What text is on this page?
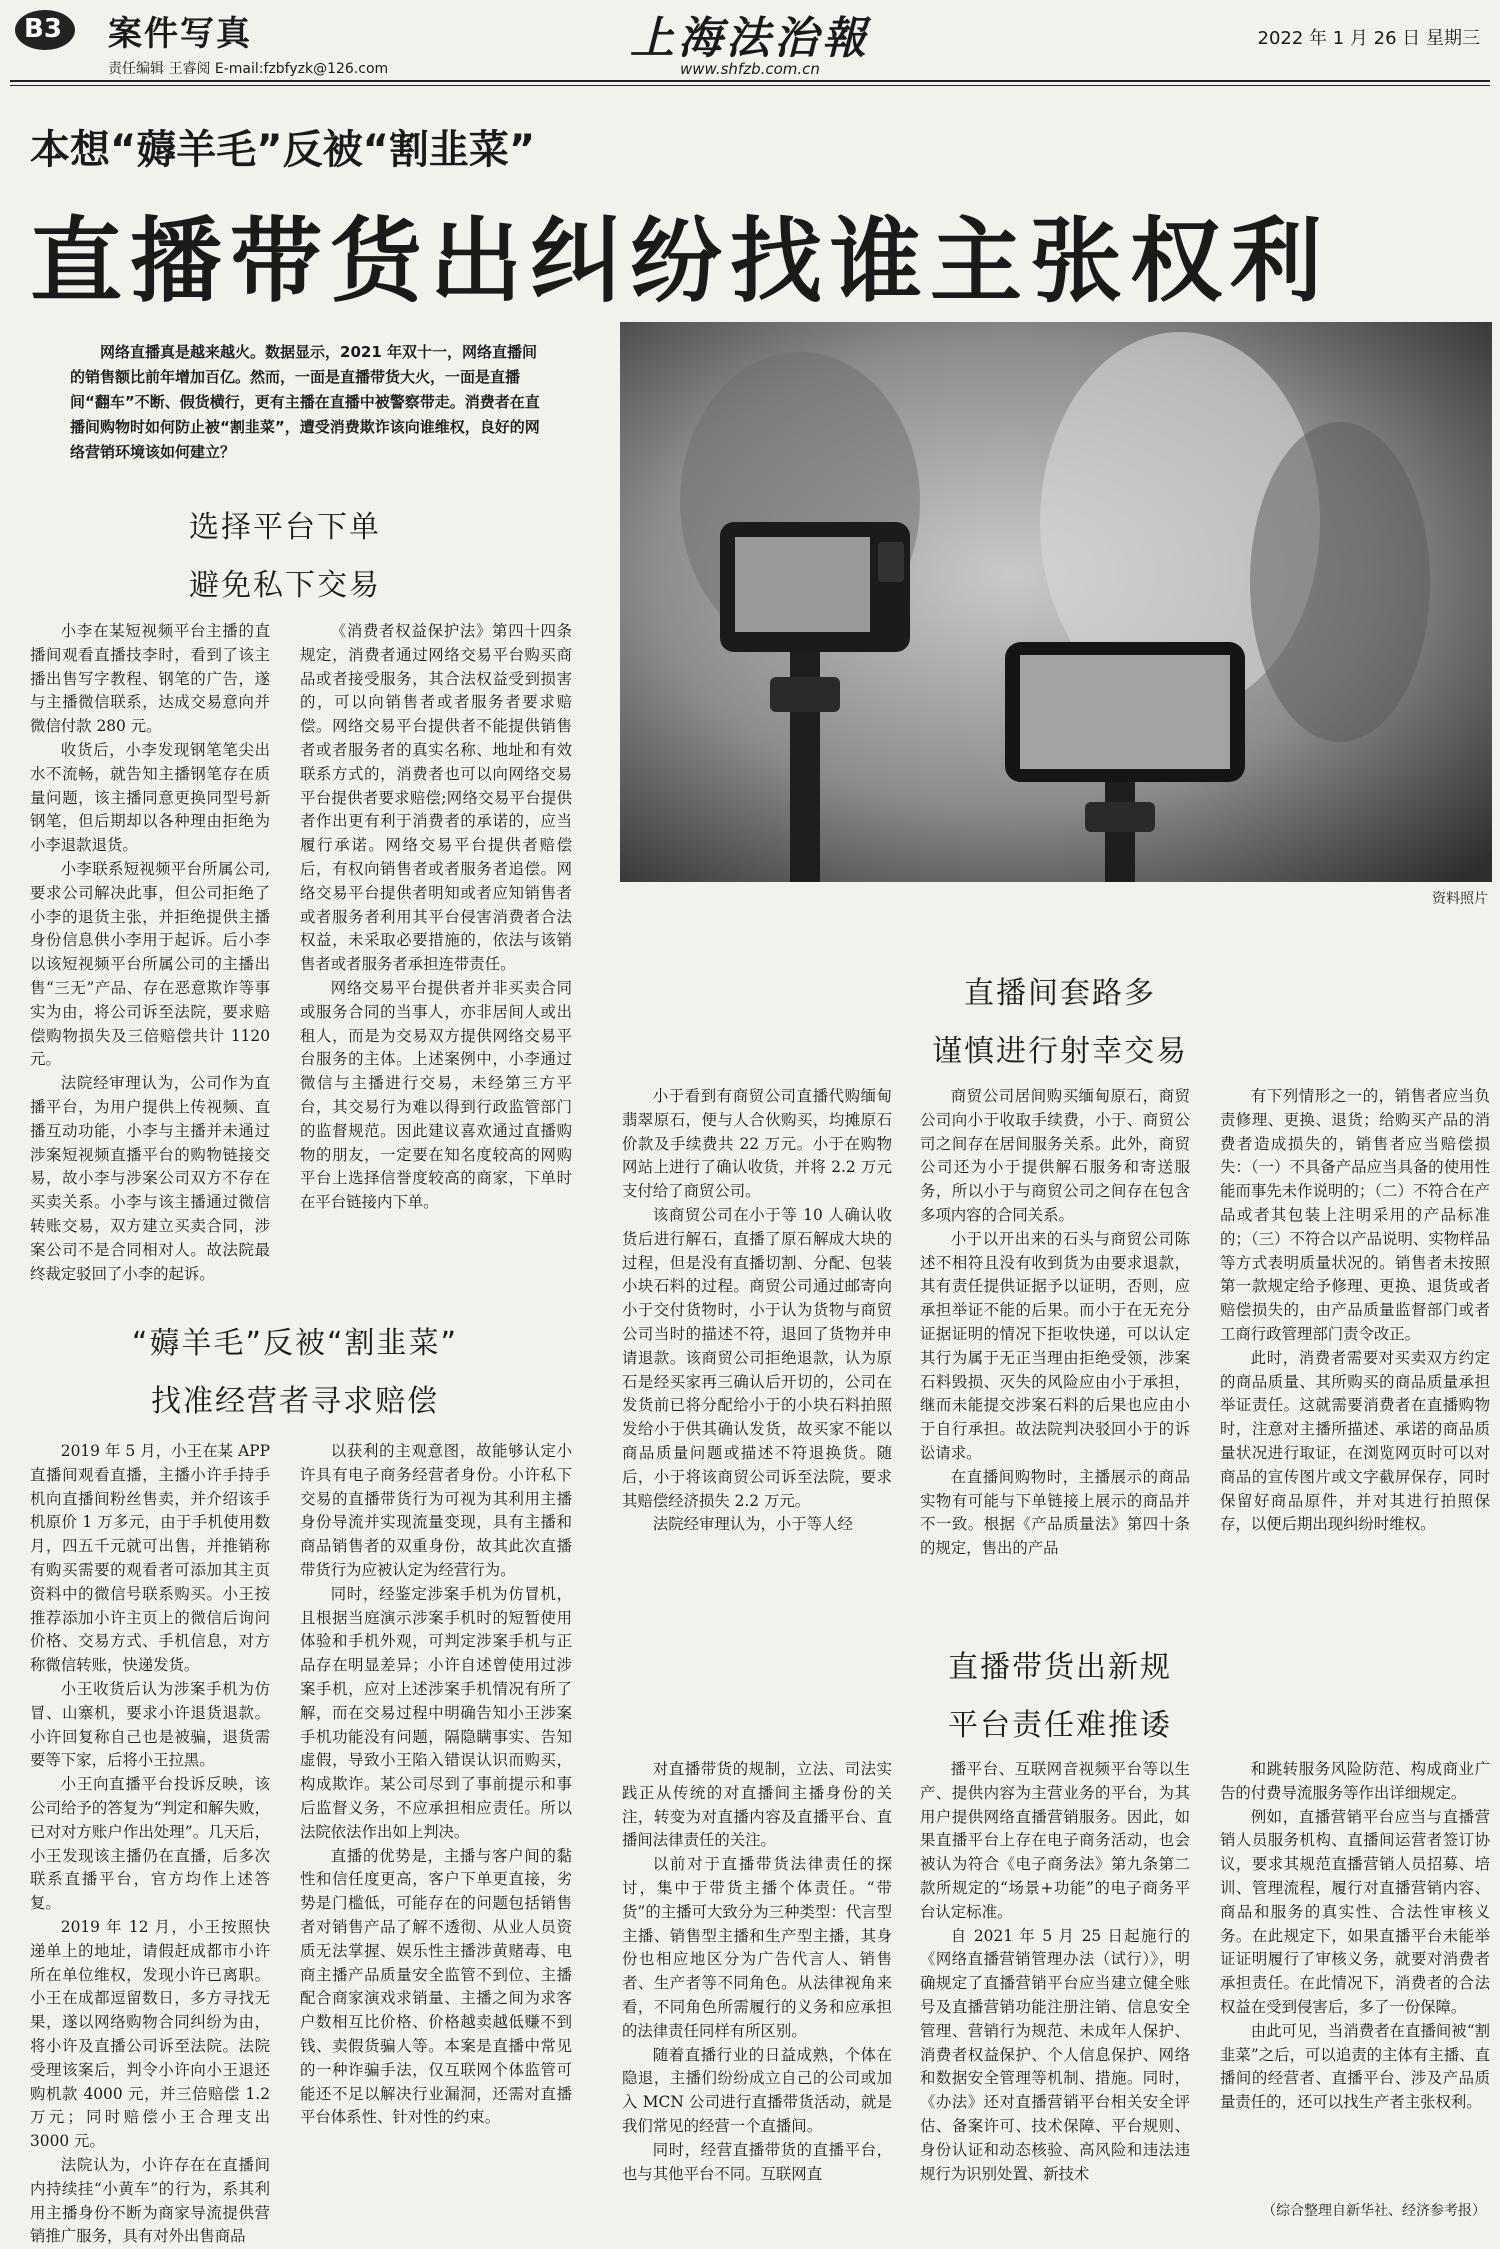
B3 案件写真
责任编辑 王睿阅 E-mail:fzbfyzk@126.com
上海法治報
www.shfzb.com.cn
2022 年 1 月 26 日 星期三
本想“薅羊毛”反被“割韭菜”
直播带货出纠纷找谁主张权利
网络直播真是越来越火。数据显示，2021 年双十一，网络直播间的销售额比前年增加百亿。然而，一面是直播带货大火，一面是直播间“翻车”不断、假货横行，更有主播在直播中被警察带走。消费者在直播间购物时如何防止被“割韭菜”，遭受消费欺诈该向谁维权，良好的网络营销环境该如何建立？
资料照片
选择平台下单
避免私下交易

小李在某短视频平台主播的直播间观看直播技李时，看到了该主播出售写字教程、钢笔的广告，遂与主播微信联系，达成交易意向并微信付款 280 元。

收货后，小李发现钢笔笔尖出水不流畅，就告知主播钢笔存在质量问题，该主播同意更换同型号新钢笔，但后期却以各种理由拒绝为小李退款退货。

小李联系短视频平台所属公司,要求公司解决此事，但公司拒绝了小李的退货主张，并拒绝提供主播身份信息供小李用于起诉。后小李以该短视频平台所属公司的主播出售“三无”产品、存在恶意欺诈等事实为由，将公司诉至法院，要求赔偿购物损失及三倍赔偿共计 1120 元。

法院经审理认为，公司作为直播平台，为用户提供上传视频、直播互动功能，小李与主播并未通过涉案短视频直播平台的购物链接交易，故小李与涉案公司双方不存在买卖关系。小李与该主播通过微信转账交易，双方建立买卖合同，涉案公司不是合同相对人。故法院最终裁定驳回了小李的起诉。

《消费者权益保护法》第四十四条规定，消费者通过网络交易平台购买商品或者接受服务，其合法权益受到损害的，可以向销售者或者服务者要求赔偿。网络交易平台提供者不能提供销售者或者服务者的真实名称、地址和有效联系方式的，消费者也可以向网络交易平台提供者要求赔偿;网络交易平台提供者作出更有利于消费者的承诺的，应当履行承诺。网络交易平台提供者赔偿后，有权向销售者或者服务者追偿。网络交易平台提供者明知或者应知销售者或者服务者利用其平台侵害消费者合法权益，未采取必要措施的，依法与该销售者或者服务者承担连带责任。

网络交易平台提供者并非买卖合同或服务合同的当事人，亦非居间人或出租人，而是为交易双方提供网络交易平台服务的主体。上述案例中，小李通过微信与主播进行交易，未经第三方平台，其交易行为难以得到行政监管部门的监督规范。因此建议喜欢通过直播购物的朋友，一定要在知名度较高的网购平台上选择信誉度较高的商家，下单时在平台链接内下单。

“薅羊毛”反被“割韭菜”
找准经营者寻求赔偿

2019 年 5 月，小王在某 APP 直播间观看直播，主播小许手持手机向直播间粉丝售卖，并介绍该手机原价 1 万多元，由于手机使用数月，四五千元就可出售，并推销称有购买需要的观看者可添加其主页资料中的微信号联系购买。小王按推荐添加小许主页上的微信后询问价格、交易方式、手机信息，对方称微信转账，快递发货。

小王收货后认为涉案手机为仿冒、山寨机，要求小许退货退款。小许回复称自己也是被骗，退货需要等下家，后将小王拉黑。

小王向直播平台投诉反映，该公司给予的答复为“判定和解失败，已对对方账户作出处理”。几天后，小王发现该主播仍在直播，后多次联系直播平台，官方均作上述答复。

2019 年 12 月，小王按照快递单上的地址，请假赶成都市小许所在单位维权，发现小许已离职。小王在成都逗留数日，多方寻找无果，遂以网络购物合同纠纷为由，将小许及直播公司诉至法院。法院受理该案后，判令小许向小王退还购机款 4000 元，并三倍赔偿 1.2 万元；同时赔偿小王合理支出 3000 元。

法院认为，小许存在在直播间内持续挂“小黄车”的行为，系其利用主播身份不断为商家导流提供营销推广服务，具有对外出售商品

以获利的主观意图，故能够认定小许具有电子商务经营者身份。小许私下交易的直播带货行为可视为其利用主播身份导流并实现流量变现，具有主播和商品销售者的双重身份，故其此次直播带货行为应被认定为经营行为。

同时，经鉴定涉案手机为仿冒机，且根据当庭演示涉案手机时的短暂使用体验和手机外观，可判定涉案手机与正品存在明显差异；小许自述曾使用过涉案手机，应对上述涉案手机情况有所了解，而在交易过程中明确告知小王涉案手机功能没有问题，隔隐瞒事实、告知虚假，导致小王陷入错误认识而购买，构成欺诈。某公司尽到了事前提示和事后监督义务，不应承担相应责任。所以法院依法作出如上判决。

直播的优势是，主播与客户间的黏性和信任度更高，客户下单更直接，劣势是门槛低，可能存在的问题包括销售者对销售产品了解不透彻、从业人员资质无法掌握、娱乐性主播涉黄赌毒、电商主播产品质量安全监管不到位、主播配合商家演戏求销量、主播之间为求客户数相互比价格、价格越卖越低赚不到钱、卖假货骗人等。本案是直播中常见的一种诈骗手法，仅互联网个体监管可能还不足以解决行业漏洞，还需对直播平台体系性、针对性的约束。

直播间套路多
谨慎进行射幸交易

小于看到有商贸公司直播代购缅甸翡翠原石，便与人合伙购买，均摊原石价款及手续费共 22 万元。小于在购物网站上进行了确认收货，并将 2.2 万元支付给了商贸公司。

该商贸公司在小于等 10 人确认收货后进行解石，直播了原石解成大块的过程，但是没有直播切割、分配、包装小块石料的过程。商贸公司通过邮寄向小于交付货物时，小于认为货物与商贸公司当时的描述不符，退回了货物并申请退款。该商贸公司拒绝退款，认为原石是经买家再三确认后开切的，公司在发货前已将分配给小于的小块石料拍照发给小于供其确认发货，故买家不能以商品质量问题或描述不符退换货。随后，小于将该商贸公司诉至法院，要求其赔偿经济损失 2.2 万元。

法院经审理认为，小于等人经

商贸公司居间购买缅甸原石，商贸公司向小于收取手续费，小于、商贸公司之间存在居间服务关系。此外，商贸公司还为小于提供解石服务和寄送服务，所以小于与商贸公司之间存在包含多项内容的合同关系。

小于以开出来的石头与商贸公司陈述不相符且没有收到货为由要求退款，其有责任提供证据予以证明，否则，应承担举证不能的后果。而小于在无充分证据证明的情况下拒收快递，可以认定其行为属于无正当理由拒绝受领，涉案石料毁损、灭失的风险应由小于承担，继而未能提交涉案石料的后果也应由小于自行承担。故法院判决驳回小于的诉讼请求。

在直播间购物时，主播展示的商品实物有可能与下单链接上展示的商品并不一致。根据《产品质量法》第四十条的规定，售出的产品

有下列情形之一的，销售者应当负责修理、更换、退货；给购买产品的消费者造成损失的，销售者应当赔偿损失：（一）不具备产品应当具备的使用性能而事先未作说明的；（二）不符合在产品或者其包装上注明采用的产品标准的；（三）不符合以产品说明、实物样品等方式表明质量状况的。销售者未按照第一款规定给予修理、更换、退货或者赔偿损失的，由产品质量监督部门或者工商行政管理部门责令改正。

此时，消费者需要对买卖双方约定的商品质量、其所购买的商品质量承担举证责任。这就需要消费者在直播购物时，注意对主播所描述、承诺的商品质量状况进行取证，在浏览网页时可以对商品的宣传图片或文字截屏保存，同时保留好商品原件，并对其进行拍照保存，以便后期出现纠纷时维权。

直播带货出新规
平台责任难推诿

对直播带货的规制，立法、司法实践正从传统的对直播间主播身份的关注，转变为对直播内容及直播平台、直播间法律责任的关注。

以前对于直播带货法律责任的探讨，集中于带货主播个体责任。“带货”的主播可大致分为三种类型：代言型主播、销售型主播和生产型主播，其身份也相应地区分为广告代言人、销售者、生产者等不同角色。从法律视角来看，不同角色所需履行的义务和应承担的法律责任同样有所区别。

随着直播行业的日益成熟，个体在隐退，主播们纷纷成立自己的公司或加入 MCN 公司进行直播带货活动，就是我们常见的经营一个直播间。

同时，经营直播带货的直播平台，也与其他平台不同。互联网直

播平台、互联网音视频平台等以生产、提供内容为主营业务的平台，为其用户提供网络直播营销服务。因此，如果直播平台上存在电子商务活动，也会被认为符合《电子商务法》第九条第二款所规定的“场景+功能”的电子商务平台认定标准。

自 2021 年 5 月 25 日起施行的《网络直播营销管理办法（试行）》，明确规定了直播营销平台应当建立健全账号及直播营销功能注册注销、信息安全管理、营销行为规范、未成年人保护、消费者权益保护、个人信息保护、网络和数据安全管理等机制、措施。同时，《办法》还对直播营销平台相关安全评估、备案许可、技术保障、平台规则、身份认证和动态核验、高风险和违法违规行为识别处置、新技术

和跳转服务风险防范、构成商业广告的付费导流服务等作出详细规定。

例如，直播营销平台应当与直播营销人员服务机构、直播间运营者签订协议，要求其规范直播营销人员招募、培训、管理流程，履行对直播营销内容、商品和服务的真实性、合法性审核义务。在此规定下，如果直播平台未能举证证明履行了审核义务，就要对消费者承担责任。在此情况下，消费者的合法权益在受到侵害后，多了一份保障。

由此可见，当消费者在直播间被“割韭菜”之后，可以追责的主体有主播、直播间的经营者、直播平台、涉及产品质量责任的，还可以找生产者主张权利。

（综合整理自新华社、经济参考报）
